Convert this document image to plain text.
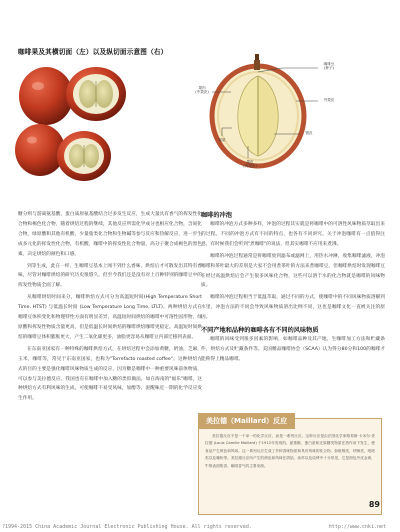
咖啡果及其横切面（左）以及纵切面示意图（右）
咖啡豆
(种子)
果肉
(中果皮)
外果皮
黏质
果皮
(内果皮)
银皮

糖分则与游离氨基酸，蛋白质原氨基酸结合过多发生反应，生成大量具有香气的挥发性化合物和褐色化合物，随着烘焙过程的继续，其他反应所需化学成分也相应化合物，含氮化合物，绿原酸和其他有机酸，少量脂类化合物和生物碱等参与反应和热解反应，进一步生成多元化的挥发性化合物，有机酸，咖啡中的挥发性化合物量，高分子聚合成褐色的黑色素，决定烘焙的颜色和口感。

到等生成，此在一样，生咖啡豆基本上闻不到什么香味，烘焙后才可散发出其特有香味，尽管对咖啡烘焙的研究历史很悠久，但至今我们还是没有对上百种特别的咖啡豆中的挥发性物质全面了解。

从咖啡烘焙时间来分，咖啡烘焙方式可分为高温短时间(High Temperature Short Time, HTST) 与低温长时间 (Low Temperature Long Time, LTLT)。两种烘焙方式在咖啡豆体积变化和物理特性方面有明显差异，高温短时间烘焙的咖啡中可溶性固形物，绿原酸和挥发性物质含量更高，但是低温长时间烘焙的咖啡烘焙咖啡更稳定。高温短时间烘焙的咖啡豆体积膨胀更大，产生二氧化碳更多，油脂更容易从咖啡豆内部迁移到表面。

在东南亚国家有一种特殊的咖啡烘焙方式，在烘焙过程中会添加黄糖，奶油，芝麻，玉米，咖啡等，常见于东南亚国家，也称为"Torrefacto roasted coffee"。这种烘焙方式的目的主要是强化咖啡风味物质生成的反应，因为糖是咖啡中一种重要风味前体物质，可以参与美拉德反应。我国也有在咖啡中加入糖的类似做法，如在海南的"福乐"咖啡。这种烘焙方式有利风味的生成，可使咖啡不易受风味，加醇等，泥醒味近一期的化学反应发生作用。

咖啡的冲泡

咖啡的冲泡方式多种多样，冲泡的过程其实就是将咖啡中的可溶性风味物质萃取出来的过程。不同的冲泡方式有不同的特点，也各有不同讲究。关于冲泡咖啡有一点值得注意，有时候我们会听到"煮咖啡"的说法，但其实咖啡不应用来煮沸。

咖啡的冲泡过程通常是将咖啡放到滤布或滤网上，用热水冲淋，收集咖啡滤液，冲泡咖啡和茶叶最大的差别是大家不会用煮茶叶的方法来煮咖啡豆，但咖啡烘焙时发现咖啡豆在经过高温烘焙后会产生很多风味化合物，这些可以溶于水的化合物就是咖啡的风味物质。

咖啡的冲泡过程相当于低温萃取，通过不同的方式，使咖啡中的不同风味物质溶解到水里，冲泡方法的不同会导致风味物质溶出比例不同，这也是咖啡文化一直被关注的原因。

不同产地和品种的咖啡各有不同的风味物质

咖啡的风味受到很多因素的影响，如咖啡品种及其产地，生咖啡加工方法和贮藏条件，烘焙方式及贮藏条件等。美国精品咖啡协会（SCAA）认为得分80分和100的咖啡才能称得上精品咖啡。

美拉德（Maillard）反应

美拉德反应不是一个单一的化学反应，而是一系列反应。这种反应是由法国化学家路易斯·卡米尔·美拉德 (Louis Camille Maillard) 于1912年发现的。氨基酸，蛋白质和还原糖类物质在热作用下发生，使食品产生颜色和风味。这一系列反应生成了多种香味物质和具有风味的化合物，如吡嗪类，呋喃类，吡咯类以及噻吩等。美拉德反应所产生的颜色和风味在烘焙，油炸以及烧烤中十分常见，它是面包外皮金黄，牛排表面焦香，咖啡香气的主要来源。

89

?1994-2015 China Academic Journal Electronic Publishing House. All rights reserved.	http://www.cnki.net
